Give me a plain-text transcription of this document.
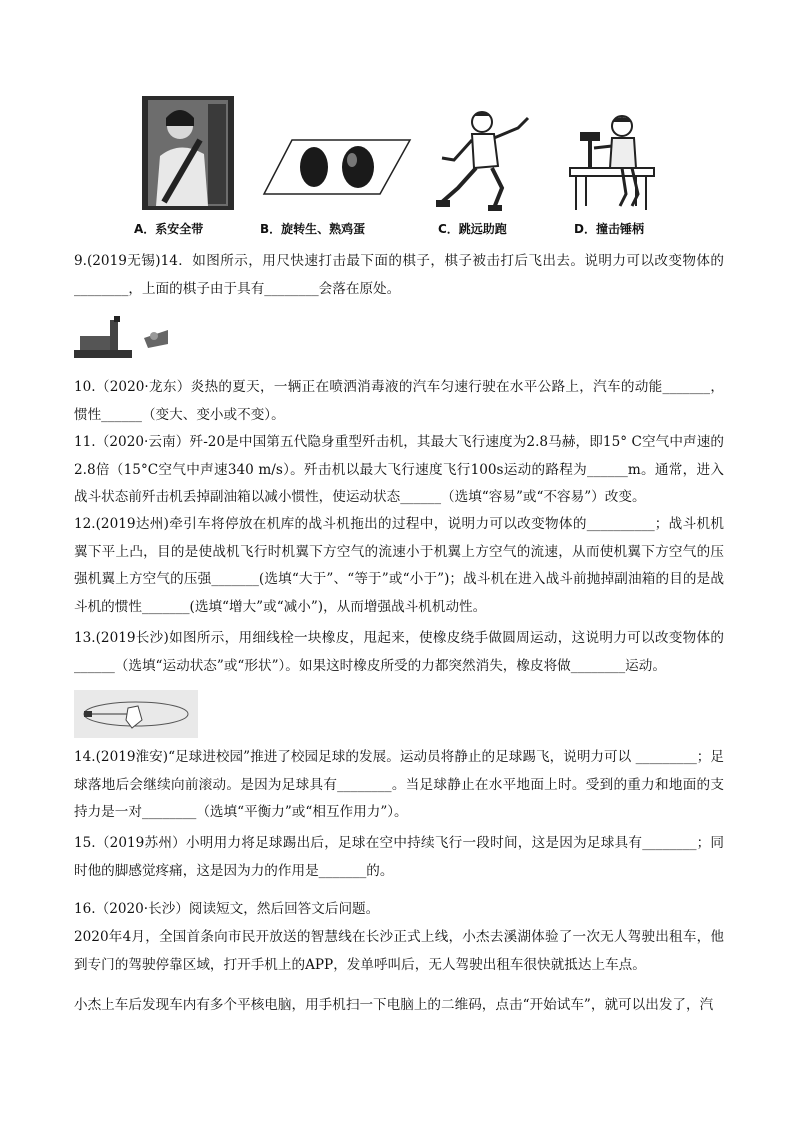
A．系安全带	B．旋转生、熟鸡蛋	C．跳远助跑	D．撞击锤柄
9.(2019无锡)14．如图所示，用尺快速打击最下面的棋子，棋子被击打后飞出去。说明力可以改变物体的________，上面的棋子由于具有________会落在原处。
10.（2020·龙东）炎热的夏天，一辆正在喷洒消毒液的汽车匀速行驶在水平公路上，汽车的动能_______，惯性______（变大、变小或不变）。
11.（2020·云南）歼-20是中国第五代隐身重型歼击机，其最大飞行速度为2.8马赫，即15° C空气中声速的2.8倍（15°C空气中声速340 m/s）。歼击机以最大飞行速度飞行100s运动的路程为______m。通常，进入战斗状态前歼击机丢掉副油箱以减小惯性，使运动状态______（选填“容易”或“不容易”）改变。
12.(2019达州)牵引车将停放在机库的战斗机拖出的过程中，说明力可以改变物体的__________；战斗机机翼下平上凸，目的是使战机飞行时机翼下方空气的流速小于机翼上方空气的流速，从而使机翼下方空气的压强机翼上方空气的压强_______(选填“大于”、“等于”或“小于”)；战斗机在进入战斗前抛掉副油箱的目的是战斗机的惯性_______(选填“增大”或“减小”)，从而增强战斗机机动性。
13.(2019长沙)如图所示，用细线栓一块橡皮，甩起来，使橡皮绕手做圆周运动，这说明力可以改变物体的______（选填“运动状态”或“形状”）。如果这时橡皮所受的力都突然消失，橡皮将做________运动。
14.(2019淮安)“足球进校园”推进了校园足球的发展。运动员将静止的足球踢飞，说明力可以 _________；足球落地后会继续向前滚动。是因为足球具有________。当足球静止在水平地面上时。受到的重力和地面的支持力是一对________（选填“平衡力”或“相互作用力”）。
15.（2019苏州）小明用力将足球踢出后，足球在空中持续飞行一段时间，这是因为足球具有________；同时他的脚感觉疼痛，这是因为力的作用是_______的。
16.（2020·长沙）阅读短文，然后回答文后问题。
2020年4月，全国首条向市民开放送的智慧线在长沙正式上线，小杰去溪湖体验了一次无人驾驶出租车，他到专门的驾驶停靠区域，打开手机上的APP，发单呼叫后，无人驾驶出租车很快就抵达上车点。
小杰上车后发现车内有多个平核电脑，用手机扫一下电脑上的二维码，点击“开始试车”，就可以出发了，汽
